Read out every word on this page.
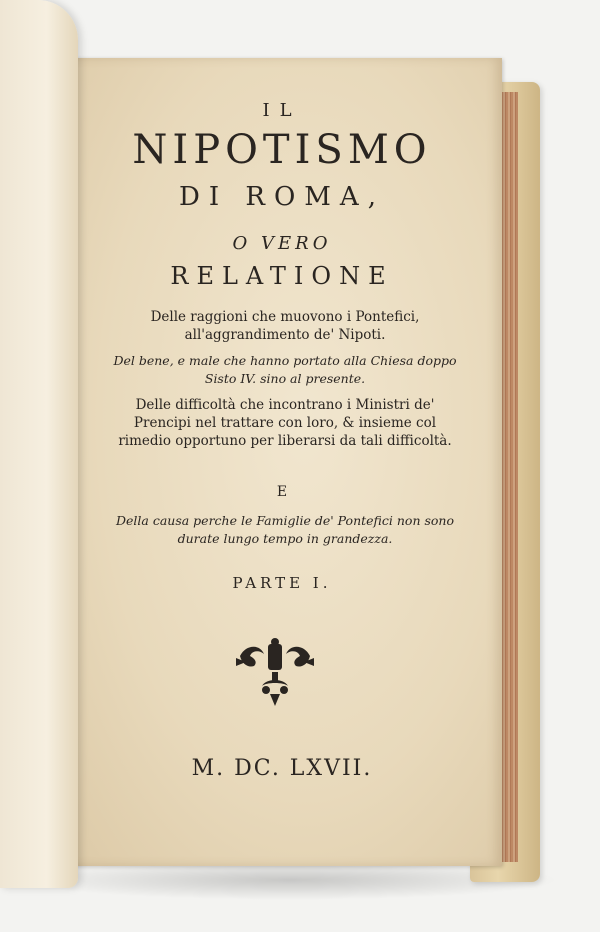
IL
NIPOTISMO
DI ROMA,
O VERO
RELATIONE
Delle raggioni che muovono i Pontefici, all'aggrandimento de' Nipoti.
Del bene, e male che hanno portato alla Chiesa doppo Sisto IV. sino al presente.
Delle difficoltà che incontrano i Ministri de' Prencipi nel trattare con loro, & insieme col rimedio opportuno per liberarsi da tali difficoltà.
E
Della causa perche le Famiglie de' Pontefici non sono durate lungo tempo in grandezza.
PARTE I.
M. DC. LXVII.
